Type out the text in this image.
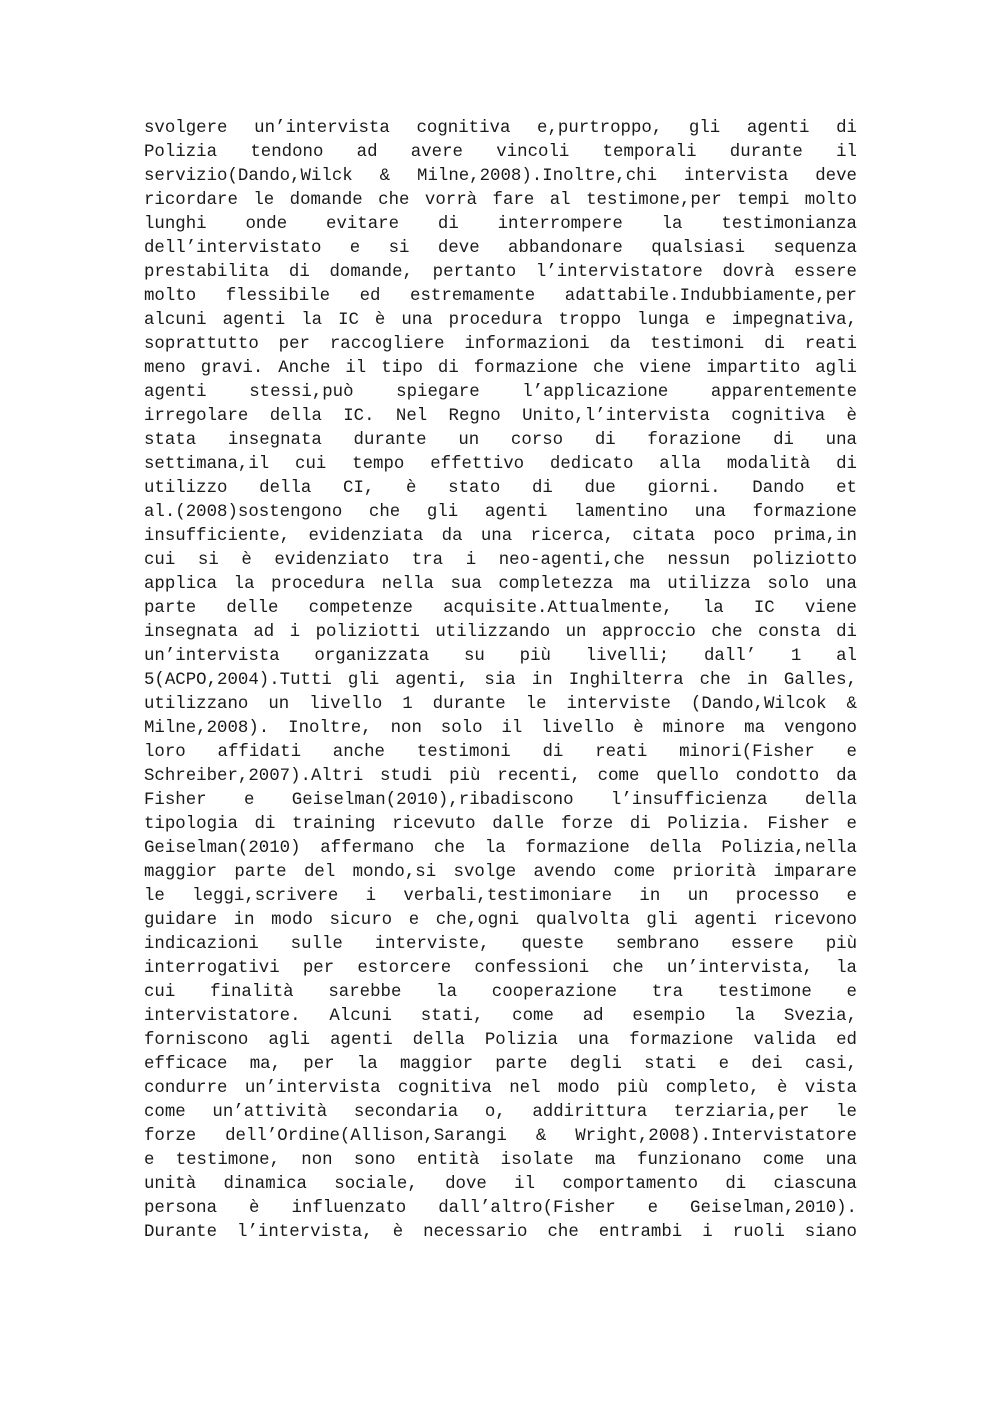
svolgere un’intervista cognitiva e,purtroppo, gli agenti di
Polizia tendono ad avere vincoli temporali durante il
servizio(Dando,Wilck & Milne,2008).Inoltre,chi intervista deve
ricordare le domande che vorrà fare al testimone,per tempi molto
lunghi onde evitare di interrompere la testimonianza
dell’intervistato e si deve abbandonare qualsiasi sequenza
prestabilita di domande, pertanto l’intervistatore dovrà essere
molto flessibile ed estremamente adattabile.Indubbiamente,per
alcuni agenti la IC è una procedura troppo lunga e impegnativa,
soprattutto per raccogliere informazioni da testimoni di reati
meno gravi. Anche il tipo di formazione che viene impartito agli
agenti stessi,può spiegare l’applicazione apparentemente
irregolare della IC. Nel Regno Unito,l’intervista cognitiva è
stata insegnata durante un corso di forazione di una
settimana,il cui tempo effettivo dedicato alla modalità di
utilizzo della CI, è stato di due giorni. Dando et
al.(2008)sostengono che gli agenti lamentino una formazione
insufficiente, evidenziata da una ricerca, citata poco prima,in
cui si è evidenziato tra i neo-agenti,che nessun poliziotto
applica la procedura nella sua completezza ma utilizza solo una
parte delle competenze acquisite.Attualmente, la IC viene
insegnata ad i poliziotti utilizzando un approccio che consta di
un’intervista organizzata su più livelli; dall’ 1 al
5(ACPO,2004).Tutti gli agenti, sia in Inghilterra che in Galles,
utilizzano un livello 1 durante le interviste (Dando,Wilcok &
Milne,2008). Inoltre, non solo il livello è minore ma vengono
loro affidati anche testimoni di reati minori(Fisher e
Schreiber,2007).Altri studi più recenti, come quello condotto da
Fisher e Geiselman(2010),ribadiscono l’insufficienza della
tipologia di training ricevuto dalle forze di Polizia. Fisher e
Geiselman(2010) affermano che la formazione della Polizia,nella
maggior parte del mondo,si svolge avendo come priorità imparare
le leggi,scrivere i verbali,testimoniare in un processo e
guidare in modo sicuro e che,ogni qualvolta gli agenti ricevono
indicazioni sulle interviste, queste sembrano essere più
interrogativi per estorcere confessioni che un’intervista, la
cui finalità sarebbe la cooperazione tra testimone e
intervistatore. Alcuni stati, come ad esempio la Svezia,
forniscono agli agenti della Polizia una formazione valida ed
efficace ma, per la maggior parte degli stati e dei casi,
condurre un’intervista cognitiva nel modo più completo, è vista
come un’attività secondaria o, addirittura terziaria,per le
forze dell’Ordine(Allison,Sarangi & Wright,2008).Intervistatore
e testimone, non sono entità isolate ma funzionano come una
unità dinamica sociale, dove il comportamento di ciascuna
persona è influenzato dall’altro(Fisher e Geiselman,2010).
Durante l’intervista, è necessario che entrambi i ruoli siano
